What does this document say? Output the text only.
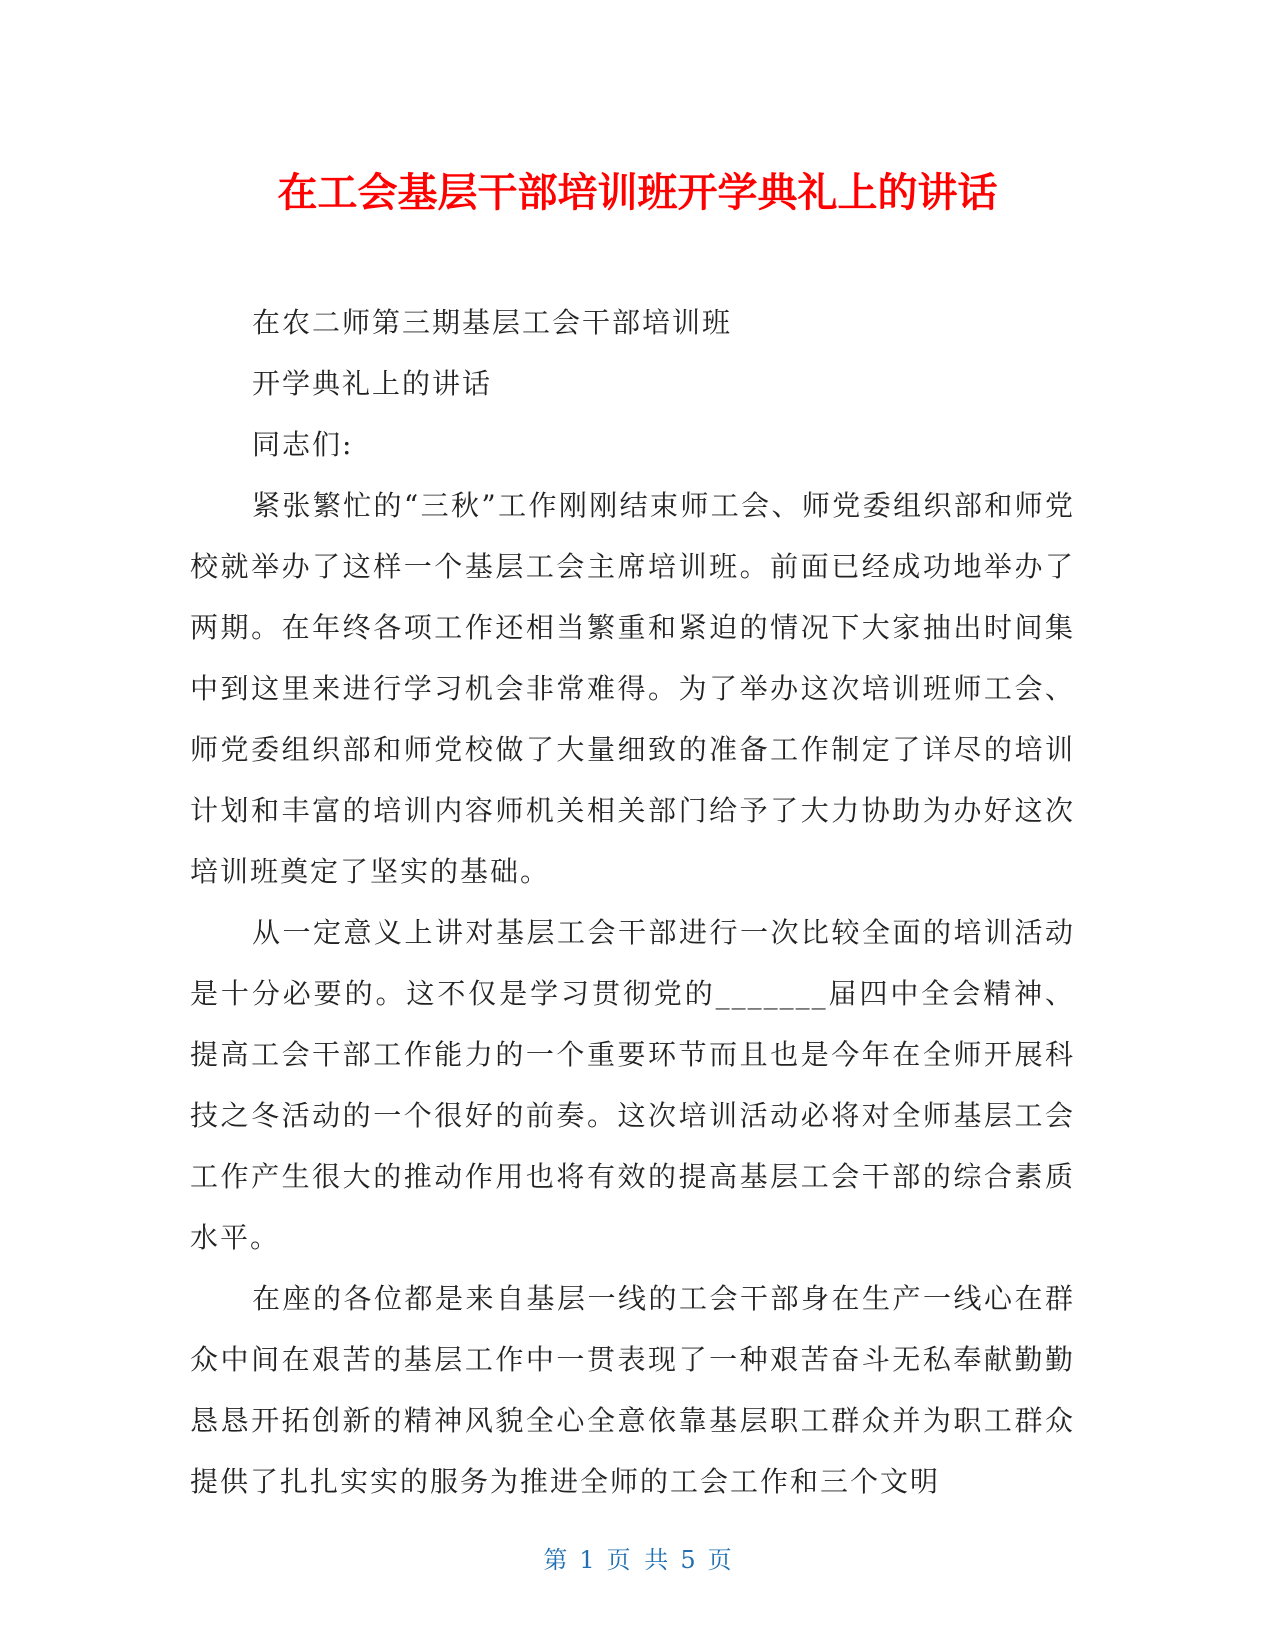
在工会基层干部培训班开学典礼上的讲话

在农二师第三期基层工会干部培训班

开学典礼上的讲话

同志们:

紧张繁忙的“三秋”工作刚刚结束师工会、师党委组织部和师党校就举办了这样一个基层工会主席培训班。前面已经成功地举办了两期。在年终各项工作还相当繁重和紧迫的情况下大家抽出时间集中到这里来进行学习机会非常难得。为了举办这次培训班师工会、师党委组织部和师党校做了大量细致的准备工作制定了详尽的培训计划和丰富的培训内容师机关相关部门给予了大力协助为办好这次培训班奠定了坚实的基础。

从一定意义上讲对基层工会干部进行一次比较全面的培训活动是十分必要的。这不仅是学习贯彻党的_______届四中全会精神、提高工会干部工作能力的一个重要环节而且也是今年在全师开展科技之冬活动的一个很好的前奏。这次培训活动必将对全师基层工会工作产生很大的推动作用也将有效的提高基层工会干部的综合素质水平。

在座的各位都是来自基层一线的工会干部身在生产一线心在群众中间在艰苦的基层工作中一贯表现了一种艰苦奋斗无私奉献勤勤恳恳开拓创新的精神风貌全心全意依靠基层职工群众并为职工群众提供了扎扎实实的服务为推进全师的工会工作和三个文明

第 1 页 共 5 页
